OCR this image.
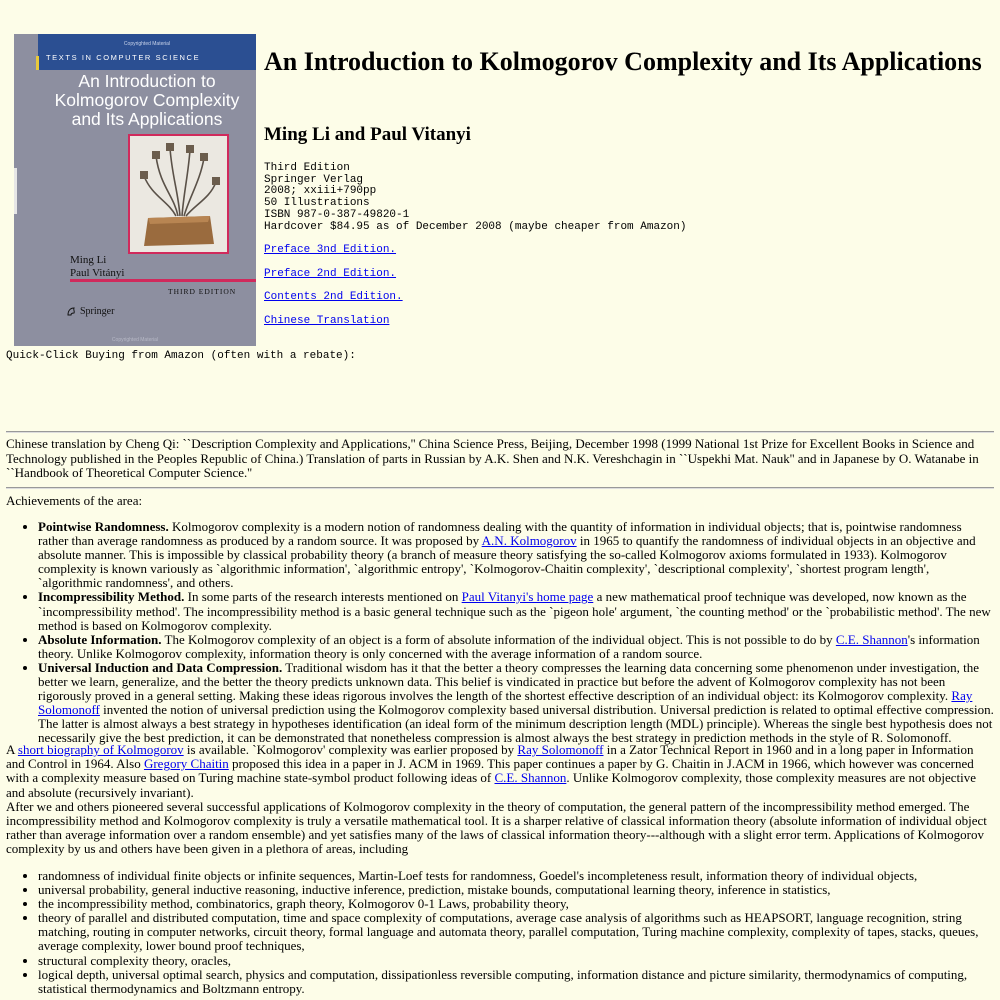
Copyrighted Material
TEXTS IN COMPUTER SCIENCE
An Introduction to Kolmogorov Complexity and Its Applications
Ming Li
Paul Vitányi
THIRD EDITION
Springer
Copyrighted Material
An Introduction to Kolmogorov Complexity and Its Applications
Ming Li and Paul Vitanyi
Third Edition
Springer Verlag
2008; xxiii+790pp
50 Illustrations
ISBN 987-0-387-49820-1
Hardcover $84.95 as of December 2008 (maybe cheaper from Amazon)
Preface 3nd Edition.
Preface 2nd Edition.
Contents 2nd Edition.
Chinese Translation
Quick-Click Buying from Amazon (often with a rebate):

Chinese translation by Cheng Qi: ``Description Complexity and Applications,'' China Science Press, Beijing, December 1998 (1999 National 1st Prize for Excellent Books in Science and Technology published in the Peoples Republic of China.) Translation of parts in Russian by A.K. Shen and N.K. Vereshchagin in ``Uspekhi Mat. Nauk'' and in Japanese by O. Watanabe in ``Handbook of Theoretical Computer Science.''

Achievements of the area:

• Pointwise Randomness. Kolmogorov complexity is a modern notion of randomness dealing with the quantity of information in individual objects; that is, pointwise randomness rather than average randomness as produced by a random source. It was proposed by A.N. Kolmogorov in 1965 to quantify the randomness of individual objects in an objective and absolute manner. This is impossible by classical probability theory (a branch of measure theory satisfying the so-called Kolmogorov axioms formulated in 1933). Kolmogorov complexity is known variously as `algorithmic information', `algorithmic entropy', `Kolmogorov-Chaitin complexity', `descriptional complexity', `shortest program length', `algorithmic randomness', and others.
• Incompressibility Method. In some parts of the research interests mentioned on Paul Vitanyi's home page a new mathematical proof technique was developed, now known as the `incompressibility method'. The incompressibility method is a basic general technique such as the `pigeon hole' argument, `the counting method' or the `probabilistic method'. The new method is based on Kolmogorov complexity.
• Absolute Information. The Kolmogorov complexity of an object is a form of absolute information of the individual object. This is not possible to do by C.E. Shannon's information theory. Unlike Kolmogorov complexity, information theory is only concerned with the average information of a random source.
• Universal Induction and Data Compression. Traditional wisdom has it that the better a theory compresses the learning data concerning some phenomenon under investigation, the better we learn, generalize, and the better the theory predicts unknown data. This belief is vindicated in practice but before the advent of Kolmogorov complexity has not been rigorously proved in a general setting. Making these ideas rigorous involves the length of the shortest effective description of an individual object: its Kolmogorov complexity. Ray Solomonoff invented the notion of universal prediction using the Kolmogorov complexity based universal distribution. Universal prediction is related to optimal effective compression. The latter is almost always a best strategy in hypotheses identification (an ideal form of the minimum description length (MDL) principle). Whereas the single best hypothesis does not necessarily give the best prediction, it can be demonstrated that nonetheless compression is almost always the best strategy in prediction methods in the style of R. Solomonoff.
A short biography of Kolmogorov is available. `Kolmogorov' complexity was earlier proposed by Ray Solomonoff in a Zator Technical Report in 1960 and in a long paper in Information and Control in 1964. Also Gregory Chaitin proposed this idea in a paper in J. ACM in 1969. This paper continues a paper by G. Chaitin in J.ACM in 1966, which however was concerned with a complexity measure based on Turing machine state-symbol product following ideas of C.E. Shannon. Unlike Kolmogorov complexity, those complexity measures are not objective and absolute (recursively invariant).
After we and others pioneered several successful applications of Kolmogorov complexity in the theory of computation, the general pattern of the incompressibility method emerged. The incompressibility method and Kolmogorov complexity is truly a versatile mathematical tool. It is a sharper relative of classical information theory (absolute information of individual object rather than average information over a random ensemble) and yet satisfies many of the laws of classical information theory---although with a slight error term. Applications of Kolmogorov complexity by us and others have been given in a plethora of areas, including
• randomness of individual finite objects or infinite sequences, Martin-Loef tests for randomness, Goedel's incompleteness result, information theory of individual objects,
• universal probability, general inductive reasoning, inductive inference, prediction, mistake bounds, computational learning theory, inference in statistics,
• the incompressibility method, combinatorics, graph theory, Kolmogorov 0-1 Laws, probability theory,
• theory of parallel and distributed computation, time and space complexity of computations, average case analysis of algorithms such as HEAPSORT, language recognition, string matching, routing in computer networks, circuit theory, formal language and automata theory, parallel computation, Turing machine complexity, complexity of tapes, stacks, queues, average complexity, lower bound proof techniques,
• structural complexity theory, oracles,
• logical depth, universal optimal search, physics and computation, dissipationless reversible computing, information distance and picture similarity, thermodynamics of computing, statistical thermodynamics and Boltzmann entropy.
